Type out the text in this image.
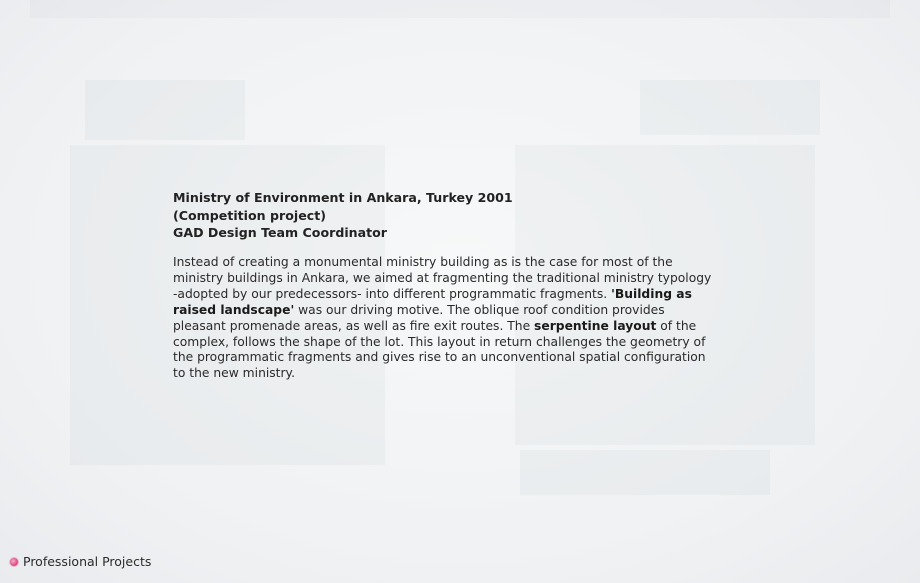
Ministry of Environment in Ankara, Turkey 2001
(Competition project)
GAD Design Team Coordinator
Instead of creating a monumental ministry building as is the case for most of the
ministry buildings in Ankara, we aimed at fragmenting the traditional ministry typology
-adopted by our predecessors- into different programmatic fragments. 'Building as
raised landscape' was our driving motive. The oblique roof condition provides
pleasant promenade areas, as well as fire exit routes. The serpentine layout of the
complex, follows the shape of the lot. This layout in return challenges the geometry of
the programmatic fragments and gives rise to an unconventional spatial configuration
to the new ministry.
Professional Projects
